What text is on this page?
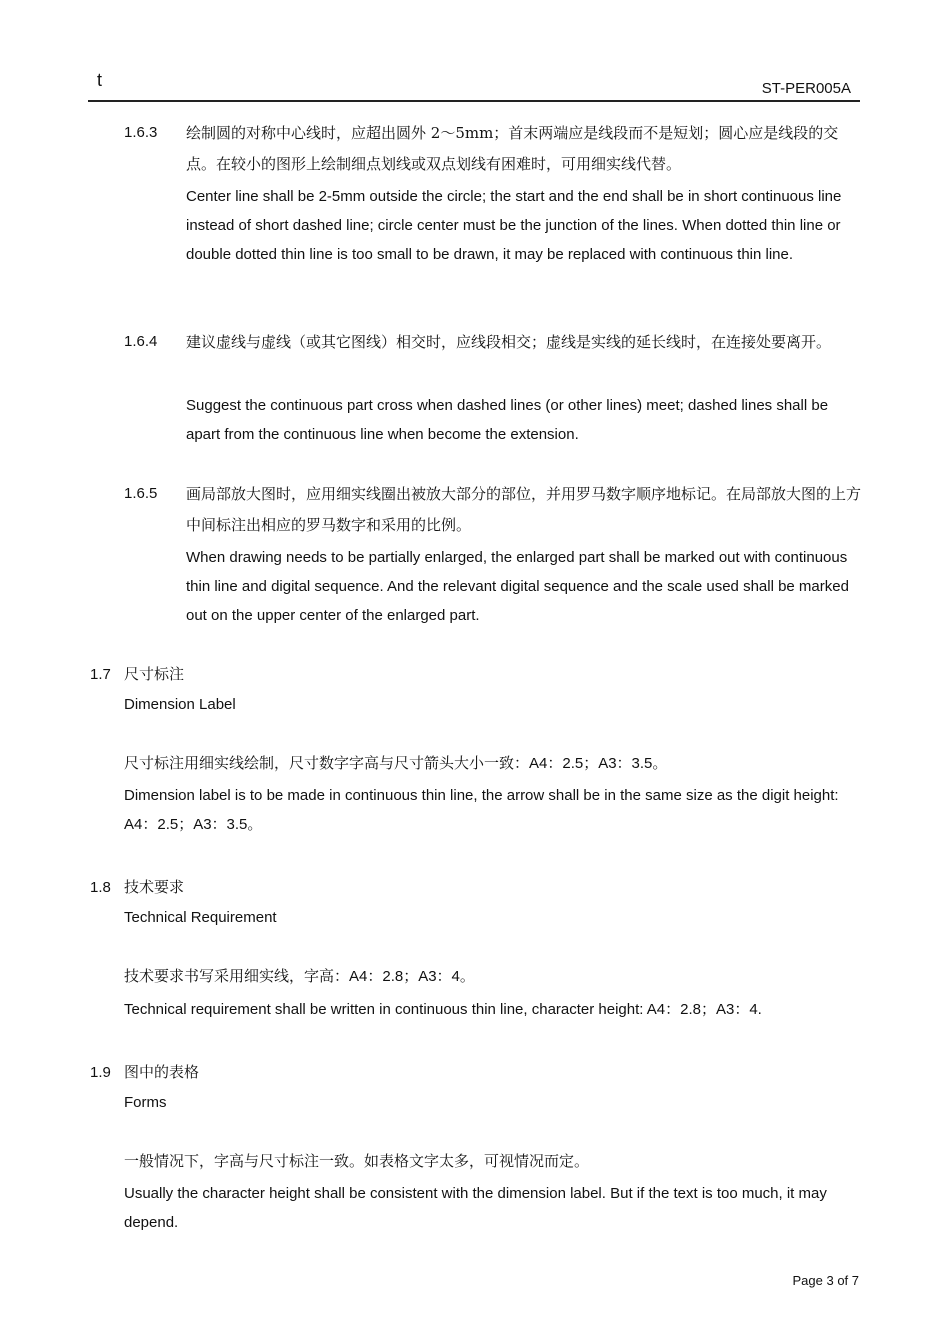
t	ST-PER005A
1.6.3 绘制圆的对称中心线时，应超出圆外 2～5mm；首末两端应是线段而不是短划；圆心应是线段的交点。在较小的图形上绘制细点划线或双点划线有困难时，可用细实线代替。
Center line shall be 2-5mm outside the circle; the start and the end shall be in short continuous line instead of short dashed line; circle center must be the junction of the lines. When dotted thin line or double dotted thin line is too small to be drawn, it may be replaced with continuous thin line.
1.6.4 建议虚线与虚线（或其它图线）相交时，应线段相交；虚线是实线的延长线时，在连接处要离开。
Suggest the continuous part cross when dashed lines (or other lines) meet; dashed lines shall be apart from the continuous line when become the extension.
1.6.5 画局部放大图时，应用细实线圈出被放大部分的部位，并用罗马数字顺序地标记。在局部放大图的上方中间标注出相应的罗马数字和采用的比例。
When drawing needs to be partially enlarged, the enlarged part shall be marked out with continuous thin line and digital sequence. And the relevant digital sequence and the scale used shall be marked out on the upper center of the enlarged part.
1.7 尺寸标注
Dimension Label
尺寸标注用细实线绘制，尺寸数字字高与尺寸箭头大小一致：A4：2.5；A3：3.5。
Dimension label is to be made in continuous thin line, the arrow shall be in the same size as the digit height: A4：2.5；A3：3.5。
1.8 技术要求
Technical Requirement
技术要求书写采用细实线，字高：A4：2.8；A3：4。
Technical requirement shall be written in continuous thin line, character height: A4：2.8；A3：4.
1.9 图中的表格
Forms
一般情况下，字高与尺寸标注一致。如表格文字太多，可视情况而定。
Usually the character height shall be consistent with the dimension label. But if the text is too much, it may depend.
Page 3 of 7
